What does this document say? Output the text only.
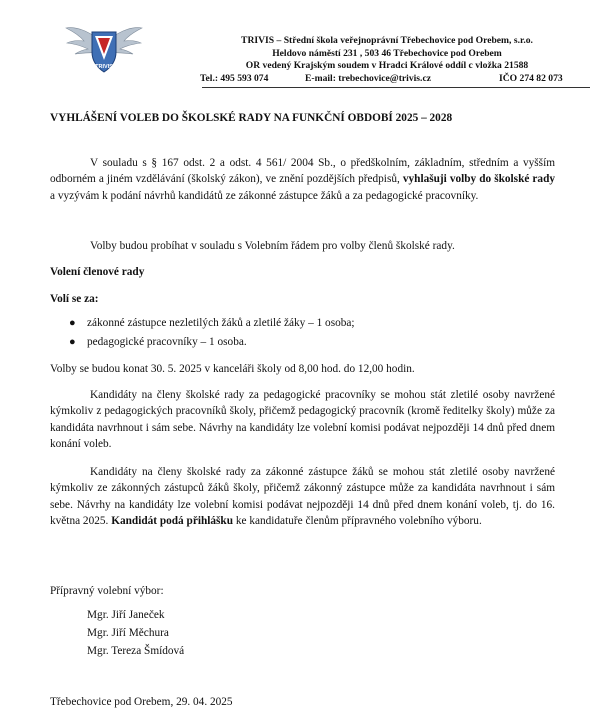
TRIVIS
TRIVIS – Střední škola veřejnoprávní Třebechovice pod Orebem, s.r.o.
Heldovo náměstí 231 , 503 46 Třebechovice pod Orebem
OR vedený Krajským soudem v Hradci Králové oddíl c vložka 21588
Tel.: 495 593 074	E-mail: trebechovice@trivis.cz	IČO 274 82 073
VYHLÁŠENÍ VOLEB DO ŠKOLSKÉ RADY NA FUNKČNÍ OBDOBÍ 2025 – 2028
V souladu s § 167 odst. 2 a odst. 4 561/ 2004 Sb., o předškolním, základním, středním a vyšším odborném a jiném vzdělávání (školský zákon), ve znění pozdějších předpisů, vyhlašuji volby do školské rady a vyzývám k podání návrhů kandidátů ze zákonné zástupce žáků a za pedagogické pracovníky.
Volby budou probíhat v souladu s Volebním řádem pro volby členů školské rady.
Volení členové rady
Volí se za:
● zákonné zástupce nezletilých žáků a zletilé žáky – 1 osoba;
● pedagogické pracovníky – 1 osoba.
Volby se budou konat 30. 5. 2025 v kanceláři školy od 8,00 hod. do 12,00 hodin.
Kandidáty na členy školské rady za pedagogické pracovníky se mohou stát zletilé osoby navržené kýmkoliv z pedagogických pracovníků školy, přičemž pedagogický pracovník (kromě ředitelky školy) může za kandidáta navrhnout i sám sebe. Návrhy na kandidáty lze volební komisi podávat nejpozději 14 dnů před dnem konání voleb.
Kandidáty na členy školské rady za zákonné zástupce žáků se mohou stát zletilé osoby navržené kýmkoliv ze zákonných zástupců žáků školy, přičemž zákonný zástupce může za kandidáta navrhnout i sám sebe. Návrhy na kandidáty lze volební komisi podávat nejpozději 14 dnů před dnem konání voleb, tj. do 16. května 2025. Kandidát podá přihlášku ke kandidatuře členům přípravného volebního výboru.
Přípravný volební výbor:
Mgr. Jiří Janeček
Mgr. Jiří Měchura
Mgr. Tereza Šmídová
Třebechovice pod Orebem, 29. 04. 2025
